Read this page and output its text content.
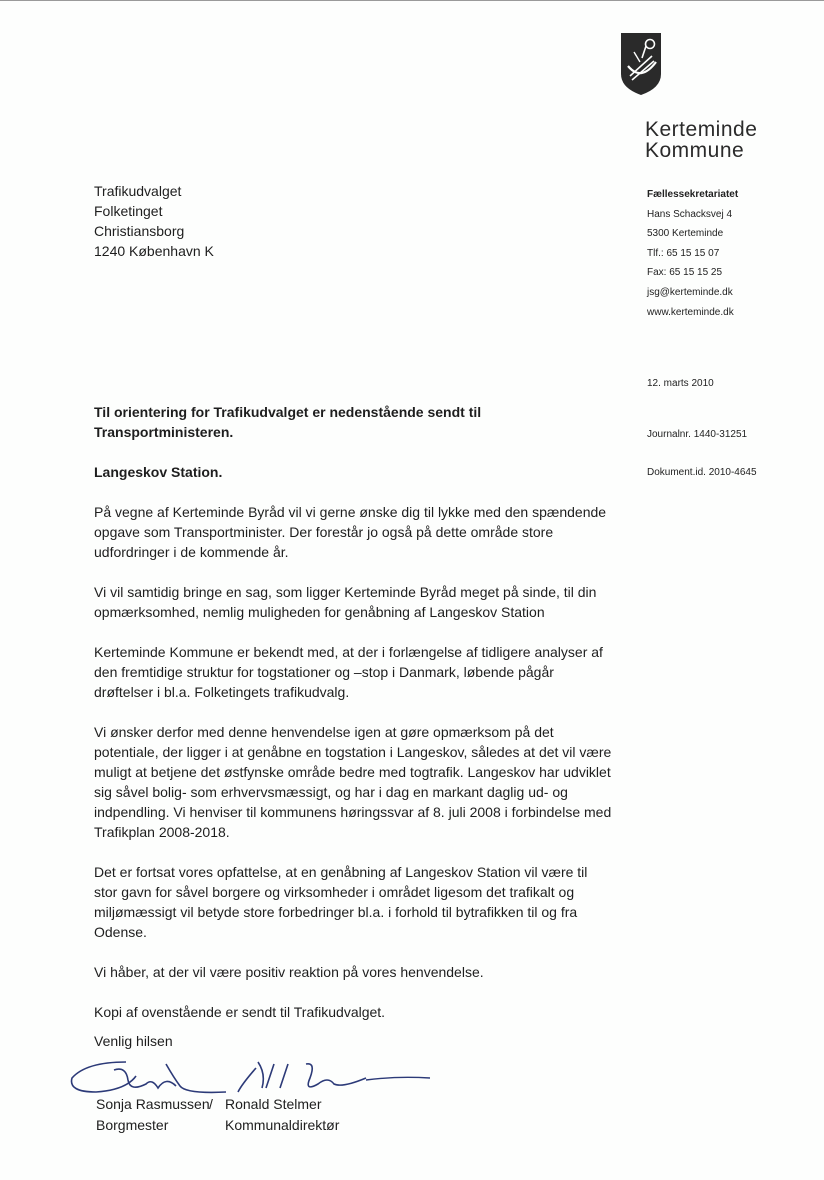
Kerteminde
Kommune
Trafikudvalget
Folketinget
Christiansborg
1240 København K
Fællessekretariatet
Hans Schacksvej 4
5300 Kerteminde
Tlf.: 65 15 15 07
Fax: 65 15 15 25
jsg@kerteminde.dk
www.kerteminde.dk
12. marts 2010
Journalnr. 1440-31251
Dokument.id. 2010-4645

Til orientering for Trafikudvalget er nedenstående sendt til Transportministeren.

Langeskov Station.

På vegne af Kerteminde Byråd vil vi gerne ønske dig til lykke med den spændende opgave som Transportminister. Der forestår jo også på dette område store udfordringer i de kommende år.

Vi vil samtidig bringe en sag, som ligger Kerteminde Byråd meget på sinde, til din opmærksomhed, nemlig muligheden for genåbning af Langeskov Station

Kerteminde Kommune er bekendt med, at der i forlængelse af tidligere analyser af den fremtidige struktur for togstationer og –stop i Danmark, løbende pågår drøftelser i bl.a. Folketingets trafikudvalg.

Vi ønsker derfor med denne henvendelse igen at gøre opmærksom på det potentiale, der ligger i at genåbne en togstation i Langeskov, således at det vil være muligt at betjene det østfynske område bedre med togtrafik. Langeskov har udviklet sig såvel bolig- som erhvervsmæssigt, og har i dag en markant daglig ud- og indpendling. Vi henviser til kommunens høringssvar af 8. juli 2008 i forbindelse med Trafikplan 2008-2018.

Det er fortsat vores opfattelse, at en genåbning af Langeskov Station vil være til stor gavn for såvel borgere og virksomheder i området ligesom det trafikalt og miljømæssigt vil betyde store forbedringer bl.a. i forhold til bytrafikken til og fra Odense.

Vi håber, at der vil være positiv reaktion på vores henvendelse.

Kopi af ovenstående er sendt til Trafikudvalget.

Venlig hilsen
Sonja Rasmussen
Borgmester
/ Ronald Stelmer
Kommunaldirektør
